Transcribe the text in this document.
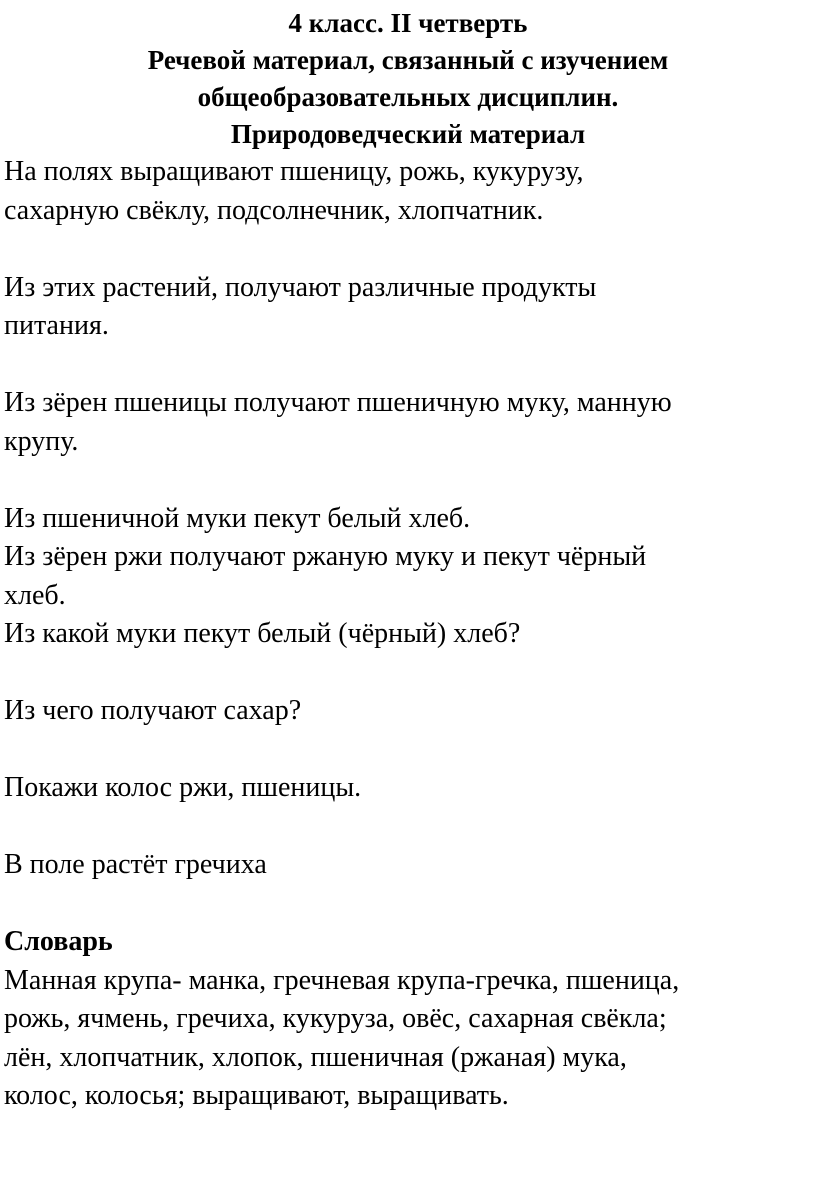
4 класс. II четверть
Речевой материал, связанный с изучением
общеобразовательных дисциплин.
Природоведческий материал
На полях выращивают пшеницу, рожь, кукурузу,
сахарную свёклу, подсолнечник, хлопчатник.
Из этих растений, получают различные продукты
питания.
Из зёрен пшеницы получают пшеничную муку, манную
крупу.
Из пшеничной муки пекут белый хлеб.
Из зёрен ржи получают ржаную муку и пекут чёрный
хлеб.
Из какой муки пекут белый (чёрный) хлеб?
Из чего получают сахар?
Покажи колос ржи, пшеницы.
В поле растёт гречиха
Словарь
Манная крупа- манка, гречневая крупа-гречка, пшеница,
рожь, ячмень, гречиха, кукуруза, овёс, сахарная свёкла;
лён, хлопчатник, хлопок, пшеничная (ржаная) мука,
колос, колосья; выращивают, выращивать.
